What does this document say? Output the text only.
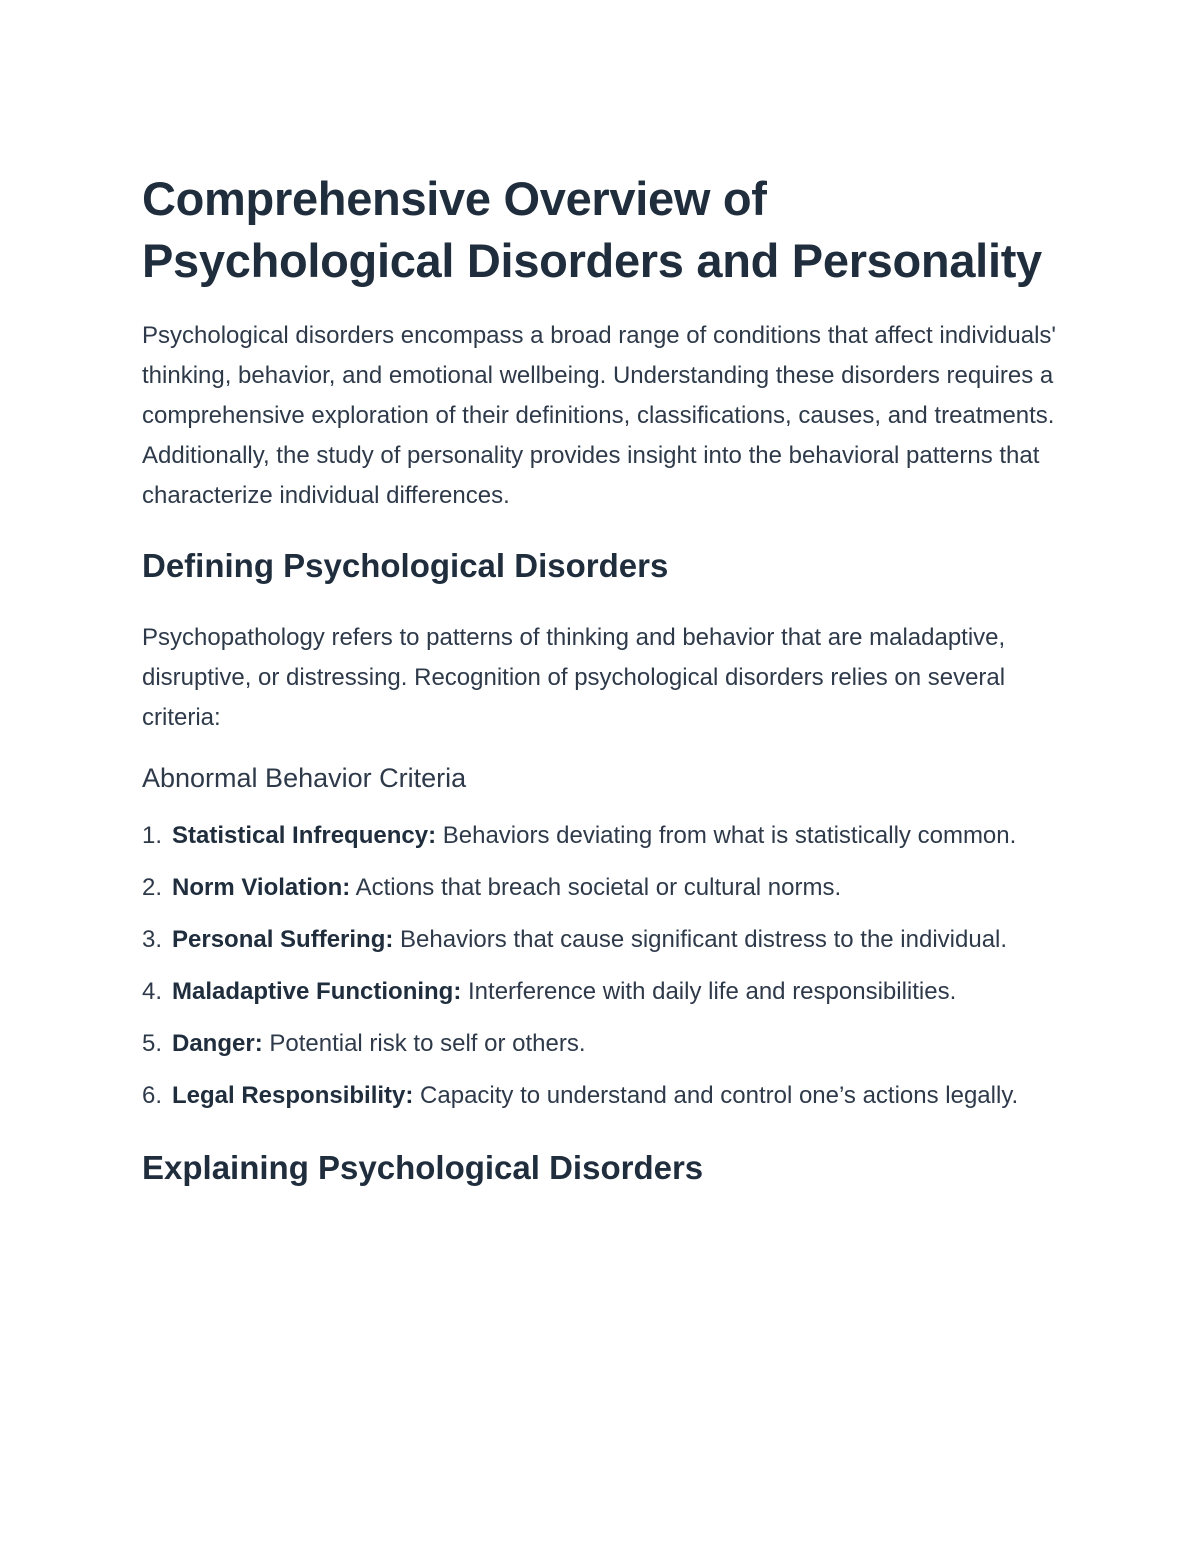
Comprehensive Overview of Psychological Disorders and Personality

Psychological disorders encompass a broad range of conditions that affect individuals' thinking, behavior, and emotional wellbeing. Understanding these disorders requires a comprehensive exploration of their definitions, classifications, causes, and treatments. Additionally, the study of personality provides insight into the behavioral patterns that characterize individual differences.

Defining Psychological Disorders

Psychopathology refers to patterns of thinking and behavior that are maladaptive, disruptive, or distressing. Recognition of psychological disorders relies on several criteria:

Abnormal Behavior Criteria
1. Statistical Infrequency: Behaviors deviating from what is statistically common.
2. Norm Violation: Actions that breach societal or cultural norms.
3. Personal Suffering: Behaviors that cause significant distress to the individual.
4. Maladaptive Functioning: Interference with daily life and responsibilities.
5. Danger: Potential risk to self or others.
6. Legal Responsibility: Capacity to understand and control one’s actions legally.
Explaining Psychological Disorders
